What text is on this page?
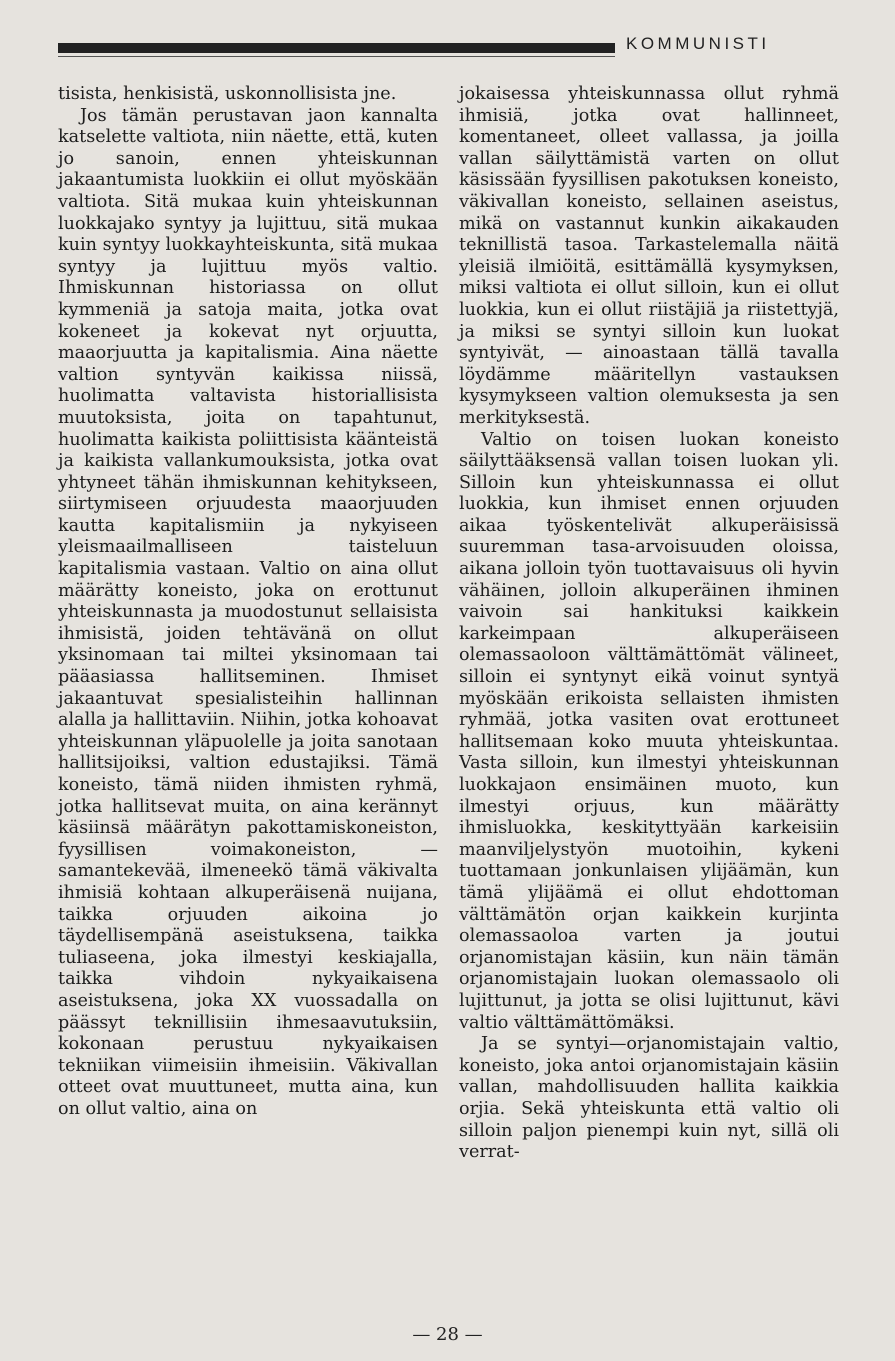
KOMMUNISTI

tisista, henkisistä, uskonnollisista jne.

Jos tämän perustavan jaon kannalta katselette valtiota, niin näette, että, kuten jo sanoin, ennen yhteiskunnan jakaantumista luokkiin ei ollut myöskään valtiota. Sitä mukaa kuin yhteiskunnan luokkajako syntyy ja lujittuu, sitä mukaa kuin syntyy luokkayhteiskunta, sitä mukaa syntyy ja lujittuu myös valtio. Ihmiskunnan historiassa on ollut kymmeniä ja satoja maita, jotka ovat kokeneet ja kokevat nyt orjuutta, maaorjuutta ja kapitalismia. Aina näette valtion syntyvän kaikissa niissä, huolimatta valtavista historiallisista muutoksista, joita on tapahtunut, huolimatta kaikista poliittisista käänteistä ja kaikista vallankumouksista, jotka ovat yhtyneet tähän ihmiskunnan kehitykseen, siirtymiseen orjuudesta maaorjuuden kautta kapitalismiin ja nykyiseen yleismaailmalliseen taisteluun kapitalismia vastaan. Valtio on aina ollut määrätty koneisto, joka on erottunut yhteiskunnasta ja muodostunut sellaisista ihmisistä, joiden tehtävänä on ollut yksinomaan tai miltei yksinomaan tai pääasiassa hallitseminen. Ihmiset jakaantuvat spesialisteihin hallinnan alalla ja hallittaviin. Niihin, jotka kohoavat yhteiskunnan yläpuolelle ja joita sanotaan hallitsijoiksi, valtion edustajiksi. Tämä koneisto, tämä niiden ihmisten ryhmä, jotka hallitsevat muita, on aina kerännyt käsiinsä määrätyn pakottamiskoneiston, fyysillisen voimakoneiston, — samantekevää, ilmeneekö tämä väkivalta ihmisiä kohtaan alkuperäisenä nuijana, taikka orjuuden aikoina jo täydellisempänä aseistuksena, taikka tuliaseena, joka ilmestyi keskiajalla, taikka vihdoin nykyaikaisena aseistuksena, joka XX vuossadalla on päässyt teknillisiin ihmesaavutuksiin, kokonaan perustuu nykyaikaisen tekniikan viimeisiin ihmeisiin. Väkivallan otteet ovat muuttuneet, mutta aina, kun on ollut valtio, aina on

jokaisessa yhteiskunnassa ollut ryhmä ihmisiä, jotka ovat hallinneet, komentaneet, olleet vallassa, ja joilla vallan säilyttämistä varten on ollut käsissään fyysillisen pakotuksen koneisto, väkivallan koneisto, sellainen aseistus, mikä on vastannut kunkin aikakauden teknillistä tasoa. Tarkastelemalla näitä yleisiä ilmiöitä, esittämällä kysymyksen, miksi valtiota ei ollut silloin, kun ei ollut luokkia, kun ei ollut riistäjiä ja riistettyjä, ja miksi se syntyi silloin kun luokat syntyivät, — ainoastaan tällä tavalla löydämme määritellyn vastauksen kysymykseen valtion olemuksesta ja sen merkityksestä.

Valtio on toisen luokan koneisto säilyttääksensä vallan toisen luokan yli. Silloin kun yhteiskunnassa ei ollut luokkia, kun ihmiset ennen orjuuden aikaa työskentelivät alkuperäisissä suuremman tasa-arvoisuuden oloissa, aikana jolloin työn tuottavaisuus oli hyvin vähäinen, jolloin alkuperäinen ihminen vaivoin sai hankituksi kaikkein karkeimpaan alkuperäiseen olemassaoloon välttämättömät välineet, silloin ei syntynyt eikä voinut syntyä myöskään erikoista sellaisten ihmisten ryhmää, jotka vasiten ovat erottuneet hallitsemaan koko muuta yhteiskuntaa. Vasta silloin, kun ilmestyi yhteiskunnan luokkajaon ensimäinen muoto, kun ilmestyi orjuus, kun määrätty ihmisluokka, keskityttyään karkeisiin maanviljelystyön muotoihin, kykeni tuottamaan jonkunlaisen ylijäämän, kun tämä ylijäämä ei ollut ehdottoman välttämätön orjan kaikkein kurjinta olemassaoloa varten ja joutui orjanomistajan käsiin, kun näin tämän orjanomistajain luokan olemassaolo oli lujittunut, ja jotta se olisi lujittunut, kävi valtio välttämättömäksi.

Ja se syntyi—orjanomistajain valtio, koneisto, joka antoi orjanomistajain käsiin vallan, mahdollisuuden hallita kaikkia orjia. Sekä yhteiskunta että valtio oli silloin paljon pienempi kuin nyt, sillä oli verrat-

— 28 —
